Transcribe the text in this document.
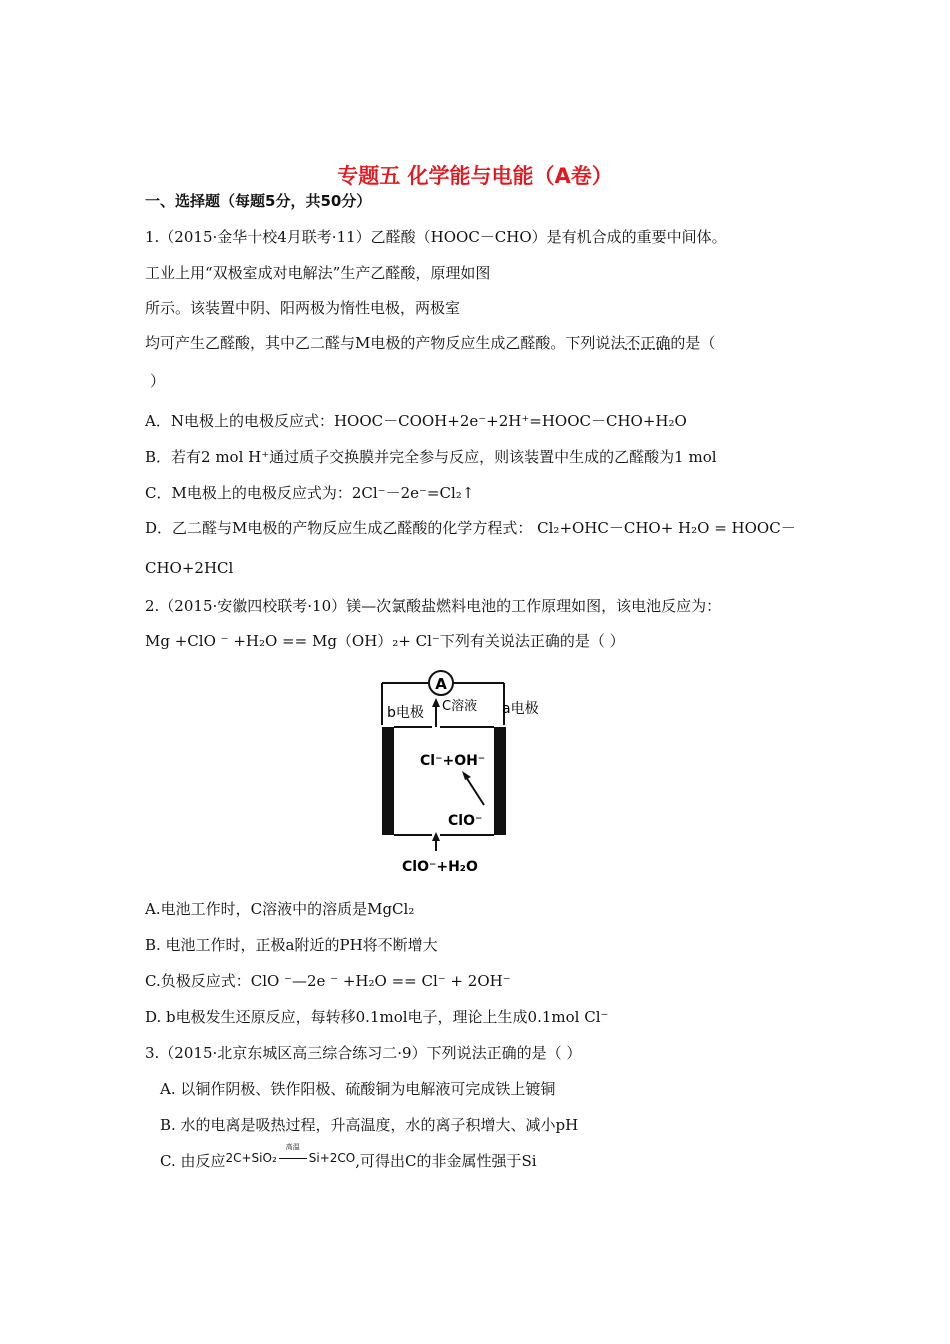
专题五 化学能与电能（A卷）
一、选择题（每题5分，共50分）
1.（2015·金华十校4月联考·11）乙醛酸（HOOC－CHO）是有机合成的重要中间体。
工业上用“双极室成对电解法”生产乙醛酸，原理如图
所示。该装置中阴、阳两极为惰性电极，两极室
均可产生乙醛酸，其中乙二醛与M电极的产物反应生成乙醛酸。下列说法不正确的是（
）
A．N电极上的电极反应式：HOOC－COOH+2e⁻+2H⁺=HOOC－CHO+H₂O
B．若有2 mol H⁺通过质子交换膜并完全参与反应，则该装置中生成的乙醛酸为1 mol
C．M电极上的电极反应式为：2Cl⁻－2e⁻=Cl₂↑
D．乙二醛与M电极的产物反应生成乙醛酸的化学方程式： Cl₂+OHC－CHO+ H₂O = HOOC－
CHO+2HCl
2.（2015·安徽四校联考·10）镁—次氯酸盐燃料电池的工作原理如图，该电池反应为：
Mg +ClO ⁻ +H₂O == Mg（OH）₂+ Cl⁻下列有关说法正确的是（ ）
A
b电极 C溶液 a电极
Cl⁻+OH⁻
ClO⁻
ClO⁻+H₂O
A.电池工作时，C溶液中的溶质是MgCl₂
B. 电池工作时，正极a附近的PH将不断增大
C.负极反应式：ClO ⁻—2e ⁻ +H₂O == Cl⁻ + 2OH⁻
D. b电极发生还原反应，每转移0.1mol电子，理论上生成0.1mol Cl⁻
3.（2015·北京东城区高三综合练习二·9）下列说法正确的是（ ）
A. 以铜作阴极、铁作阳极、硫酸铜为电解液可完成铁上镀铜
B. 水的电离是吸热过程，升高温度，水的离子积增大、减小pH
C. 由反应2C+SiO₂
高温
Si+2CO,可得出C的非金属性强于Si
